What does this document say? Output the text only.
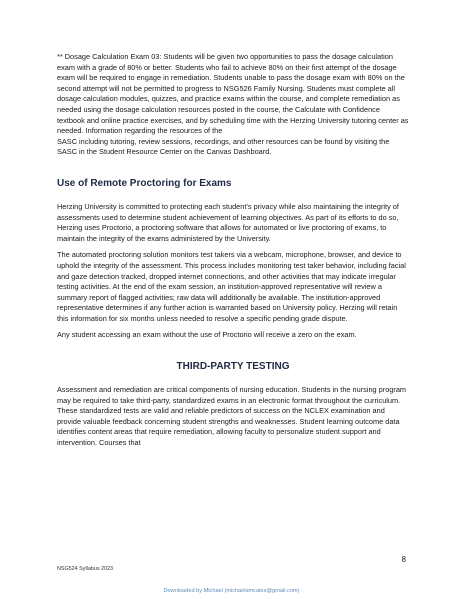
** Dosage Calculation Exam 03: Students will be given two opportunities to pass the dosage calculation exam with a grade of 80% or better. Students who fail to achieve 80% on their first attempt of the dosage exam will be required to engage in remediation. Students unable to pass the dosage exam with 80% on the second attempt will not be permitted to progress to NSG526 Family Nursing. Students must complete all dosage calculation modules, quizzes, and practice exams within the course, and complete remediation as needed using the dosage calculation resources posted in the course, the Calculate with Confidence textbook and online practice exercises, and by scheduling time with the Herzing University tutoring center as needed. Information regarding the resources of the

SASC including tutoring, review sessions, recordings, and other resources can be found by visiting the SASC in the Student Resource Center on the Canvas Dashboard.

Use of Remote Proctoring for Exams

Herzing University is committed to protecting each student’s privacy while also maintaining the integrity of assessments used to determine student achievement of learning objectives. As part of its efforts to do so, Herzing uses Proctorio, a proctoring software that allows for automated or live proctoring of exams, to maintain the integrity of the exams administered by the University.

The automated proctoring solution monitors test takers via a webcam, microphone, browser, and device to uphold the integrity of the assessment. This process includes monitoring test taker behavior, including facial and gaze detection tracked, dropped internet connections, and other activities that may indicate irregular testing activities. At the end of the exam session, an institution-approved representative will review a summary report of flagged activities; raw data will additionally be available. The institution-approved representative determines if any further action is warranted based on University policy. Herzing will retain this information for six months unless needed to resolve a specific pending grade dispute.

Any student accessing an exam without the use of Proctorio will receive a zero on the exam.

THIRD-PARTY TESTING

Assessment and remediation are critical components of nursing education. Students in the nursing program may be required to take third-party, standardized exams in an electronic format throughout the curriculum. These standardized tests are valid and reliable predictors of success on the NCLEX examination and provide valuable feedback concerning student strengths and weaknesses. Student learning outcome data identifies content areas that require remediation, allowing faculty to personalize student support and intervention. Courses that

8
NSG524 Syllabus 2023
Downloaded by Michael (michaelsmcates@gmail.com)
